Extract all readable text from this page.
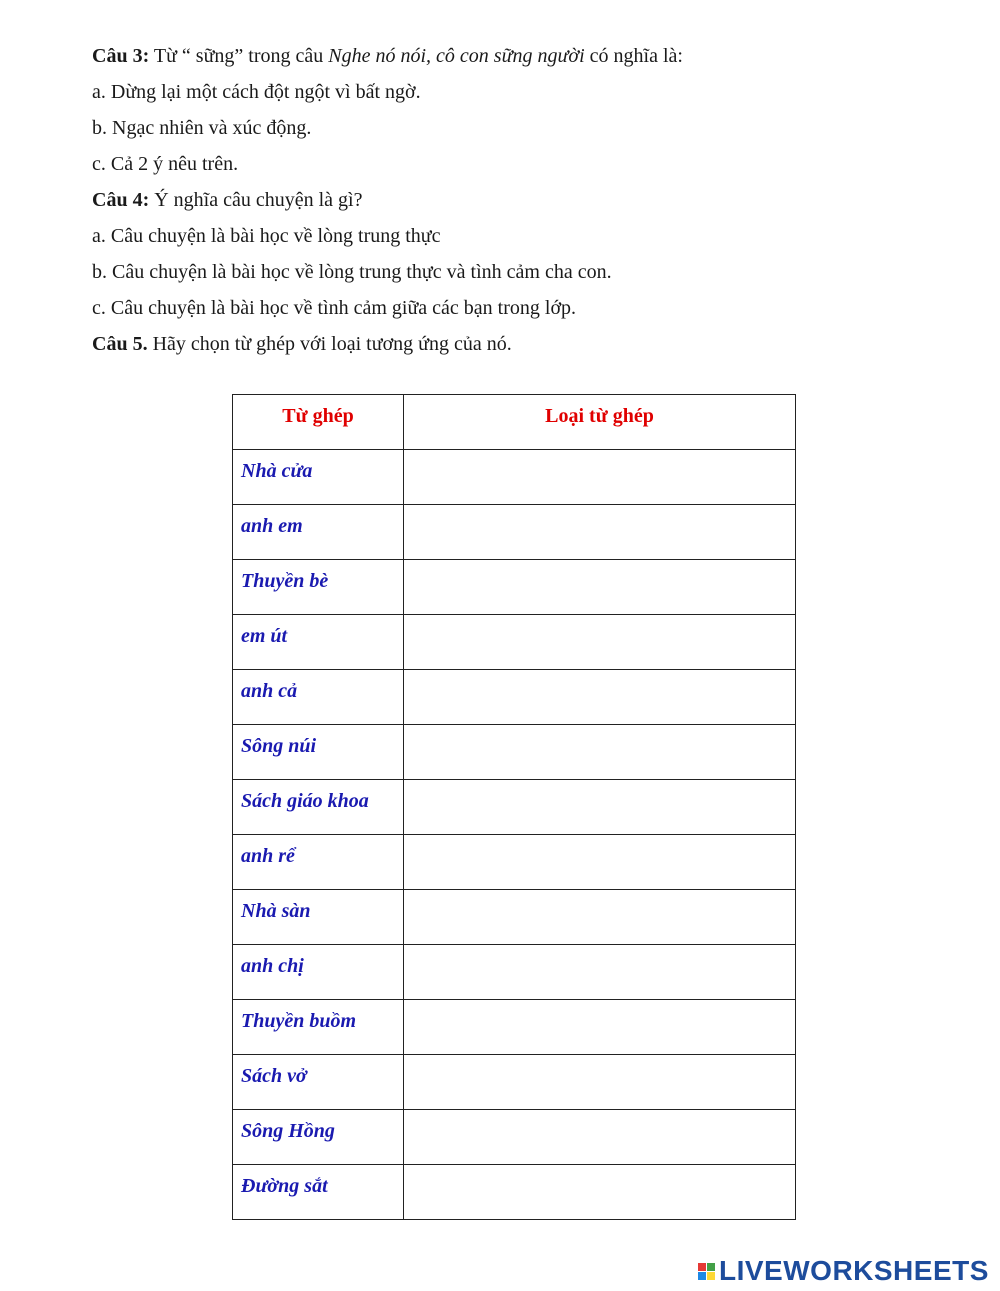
Câu 3: Từ “ sững” trong câu Nghe nó nói, cô con sững người có nghĩa là:
a. Dừng lại một cách đột ngột vì bất ngờ.
b. Ngạc nhiên và xúc động.
c. Cả 2 ý nêu trên.
Câu 4: Ý nghĩa câu chuyện là gì?
a. Câu chuyện là bài học về lòng trung thực
b. Câu chuyện là bài học về lòng trung thực và tình cảm cha con.
c. Câu chuyện là bài học về tình cảm giữa các bạn trong lớp.
Câu 5. Hãy chọn từ ghép với loại tương ứng của nó.
Từ ghép	Loại từ ghép
Nhà cửa	
anh em	
Thuyền bè	
em út	
anh cả	
Sông núi	
Sách giáo khoa	
anh rể	
Nhà sàn	
anh chị	
Thuyền buồm	
Sách vở	
Sông Hồng	
Đường sắt	
LIVEWORKSHEETS
